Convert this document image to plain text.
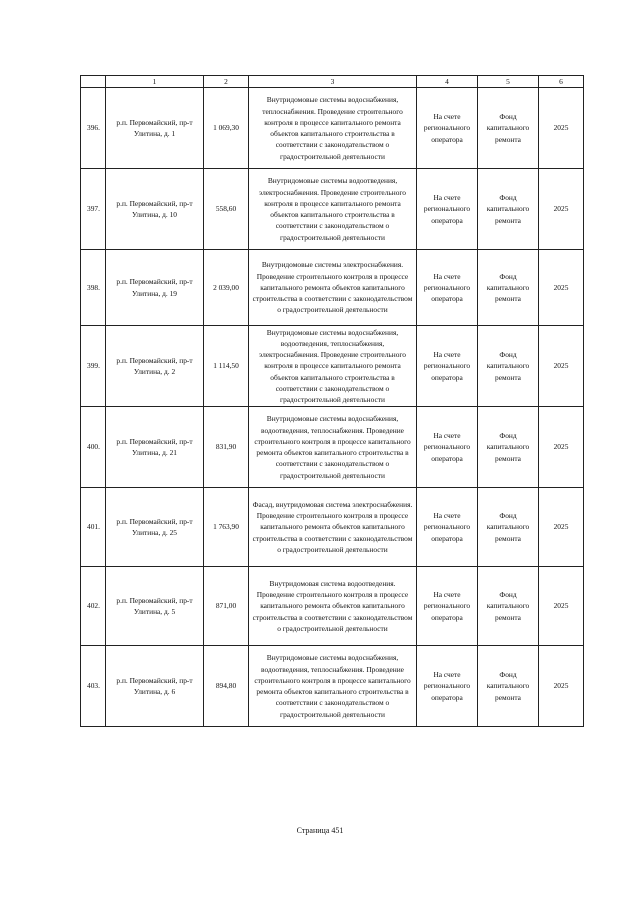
	1	2	3	4	5	6
396.	р.п. Первомайский, пр-т Улитина, д. 1	1 069,30	Внутридомовые системы водоснабжения, теплоснабжения. Проведение строительного контроля в процессе капитального ремонта объектов капитального строительства в соответствии с законодательством о градостроительной деятельности	На счете регионального оператора	Фонд капитального ремонта	2025
397.	р.п. Первомайский, пр-т Улитина, д. 10	558,60	Внутридомовые системы водоотведения, электроснабжения. Проведение строительного контроля в процессе капитального ремонта объектов капитального строительства в соответствии с законодательством о градостроительной деятельности	На счете регионального оператора	Фонд капитального ремонта	2025
398.	р.п. Первомайский, пр-т Улитина, д. 19	2 039,00	Внутридомовые системы электроснабжения. Проведение строительного контроля в процессе капитального ремонта объектов капитального строительства в соответствии с законодательством о градостроительной деятельности	На счете регионального оператора	Фонд капитального ремонта	2025
399.	р.п. Первомайский, пр-т Улитина, д. 2	1 114,50	Внутридомовые системы водоснабжения, водоотведения, теплоснабжения, электроснабжения. Проведение строительного контроля в процессе капитального ремонта объектов капитального строительства в соответствии с законодательством о градостроительной деятельности	На счете регионального оператора	Фонд капитального ремонта	2025
400.	р.п. Первомайский, пр-т Улитина, д. 21	831,90	Внутридомовые системы водоснабжения, водоотведения, теплоснабжения. Проведение строительного контроля в процессе капитального ремонта объектов капитального строительства в соответствии с законодательством о градостроительной деятельности	На счете регионального оператора	Фонд капитального ремонта	2025
401.	р.п. Первомайский, пр-т Улитина, д. 25	1 763,90	Фасад, внутридомовая система электроснабжения. Проведение строительного контроля в процессе капитального ремонта объектов капитального строительства в соответствии с законодательством о градостроительной деятельности	На счете регионального оператора	Фонд капитального ремонта	2025
402.	р.п. Первомайский, пр-т Улитина, д. 5	871,00	Внутридомовая система водоотведения. Проведение строительного контроля в процессе капитального ремонта объектов капитального строительства в соответствии с законодательством о градостроительной деятельности	На счете регионального оператора	Фонд капитального ремонта	2025
403.	р.п. Первомайский, пр-т Улитина, д. 6	894,80	Внутридомовые системы водоснабжения, водоотведения, теплоснабжения. Проведение строительного контроля в процессе капитального ремонта объектов капитального строительства в соответствии с законодательством о градостроительной деятельности	На счете регионального оператора	Фонд капитального ремонта	2025
Страница 451
